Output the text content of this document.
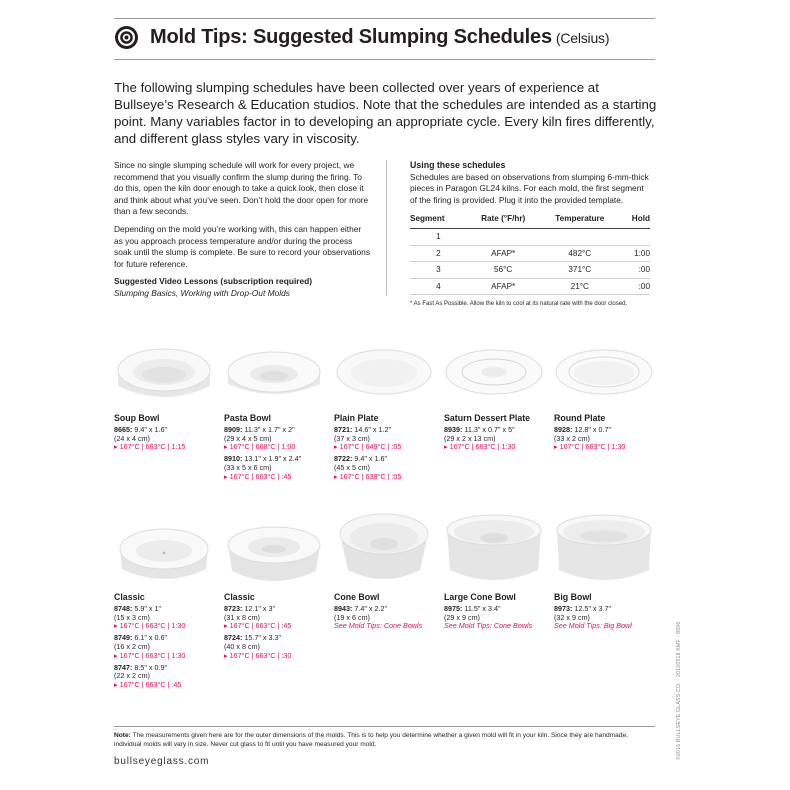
Mold Tips: Suggested Slumping Schedules (Celsius)

The following slumping schedules have been collected over years of experience at Bullseye’s Research & Education studios. Note that the schedules are intended as a starting point. Many variables factor in to developing an appropriate cycle. Every kiln fires differently, and different glass styles vary in viscosity.

Since no single slumping schedule will work for every project, we recommend that you visually confirm the slump during the firing. To do this, open the kiln door enough to take a quick look, then close it and think about what you’ve seen. Don’t hold the door open for more than a few seconds.

Depending on the mold you’re working with, this can happen either as you approach process temperature and/or during the process soak until the slump is complete. Be sure to record your observations for future reference.

Suggested Video Lessons (subscription required)

Slumping Basics, Working with Drop-Out Molds

Using these schedules

Schedules are based on observations from slumping 6-mm-thick pieces in Paragon GL24 kilns. For each mold, the first segment of the firing is provided. Plug it into the provided template.

Segment	Rate (°F/hr)	Temperature	Hold
1			
2	AFAP*	482°C	1:00
3	56°C	371°C	:00
4	AFAP*	21°C	:00
* As Fast As Possible. Allow the kiln to cool at its natural rate with the door closed.
Soup Bowl
8665: 9.4" x 1.6"
(24 x 4 cm)
▸ 167°C | 663°C | 1:15
Pasta Bowl
8909: 11.3" x 1.7" x 2"
(29 x 4 x 5 cm)
▸ 167°C | 668°C | 1:00
8910: 13.1" x 1.9" x 2.4"
(33 x 5 x 6 cm)
▸ 167°C | 663°C | :45
Plain Plate
8721: 14.6" x 1.2"
(37 x 3 cm)
▸ 167°C | 649°C | :05
8722: 9.4" x 1.6"
(45 x 5 cm)
▸ 167°C | 638°C | :05
Saturn Dessert Plate
8939: 11.3" x 0.7" x 5"
(29 x 2 x 13 cm)
▸ 167°C | 663°C | 1:30
Round Plate
8928: 12.8" x 0.7"
(33 x 2 cm)
▸ 167°C | 663°C | 1:30
Classic
8748: 5.9" x 1"
(15 x 3 cm)
▸ 167°C | 663°C | 1:30
8749: 6.1" x 0.6"
(16 x 2 cm)
▸ 167°C | 663°C | 1:30
8747: 8.5" x 0.9"
(22 x 2 cm)
▸ 167°C | 663°C | :45
Classic
8723: 12.1" x 3"
(31 x 8 cm)
▸ 167°C | 663°C | :45
8724: 15.7" x 3.3"
(40 x 8 cm)
▸ 167°C | 663°C | :30
Cone Bowl
8943: 7.4" x 2.2"
(19 x 6 cm)
See Mold Tips: Cone Bowls
Large Cone Bowl
8975: 11.5" x 3.4"
(29 x 9 cm)
See Mold Tips: Cone Bowls
Big Bowl
8973: 12.5" x 3.7"
(32 x 9 cm)
See Mold Tips: Big Bowl
Note: The measurements given here are for the outer dimensions of the molds. This is to help you determine whether a given mold will fit in your kiln. Since they are handmade, individual molds will vary in size. Never cut glass to fit until you have measured your mold.
bullseyeglass.com
©2016 BULLSEYE GLASS CO. · 20160518 KMF · 8596
